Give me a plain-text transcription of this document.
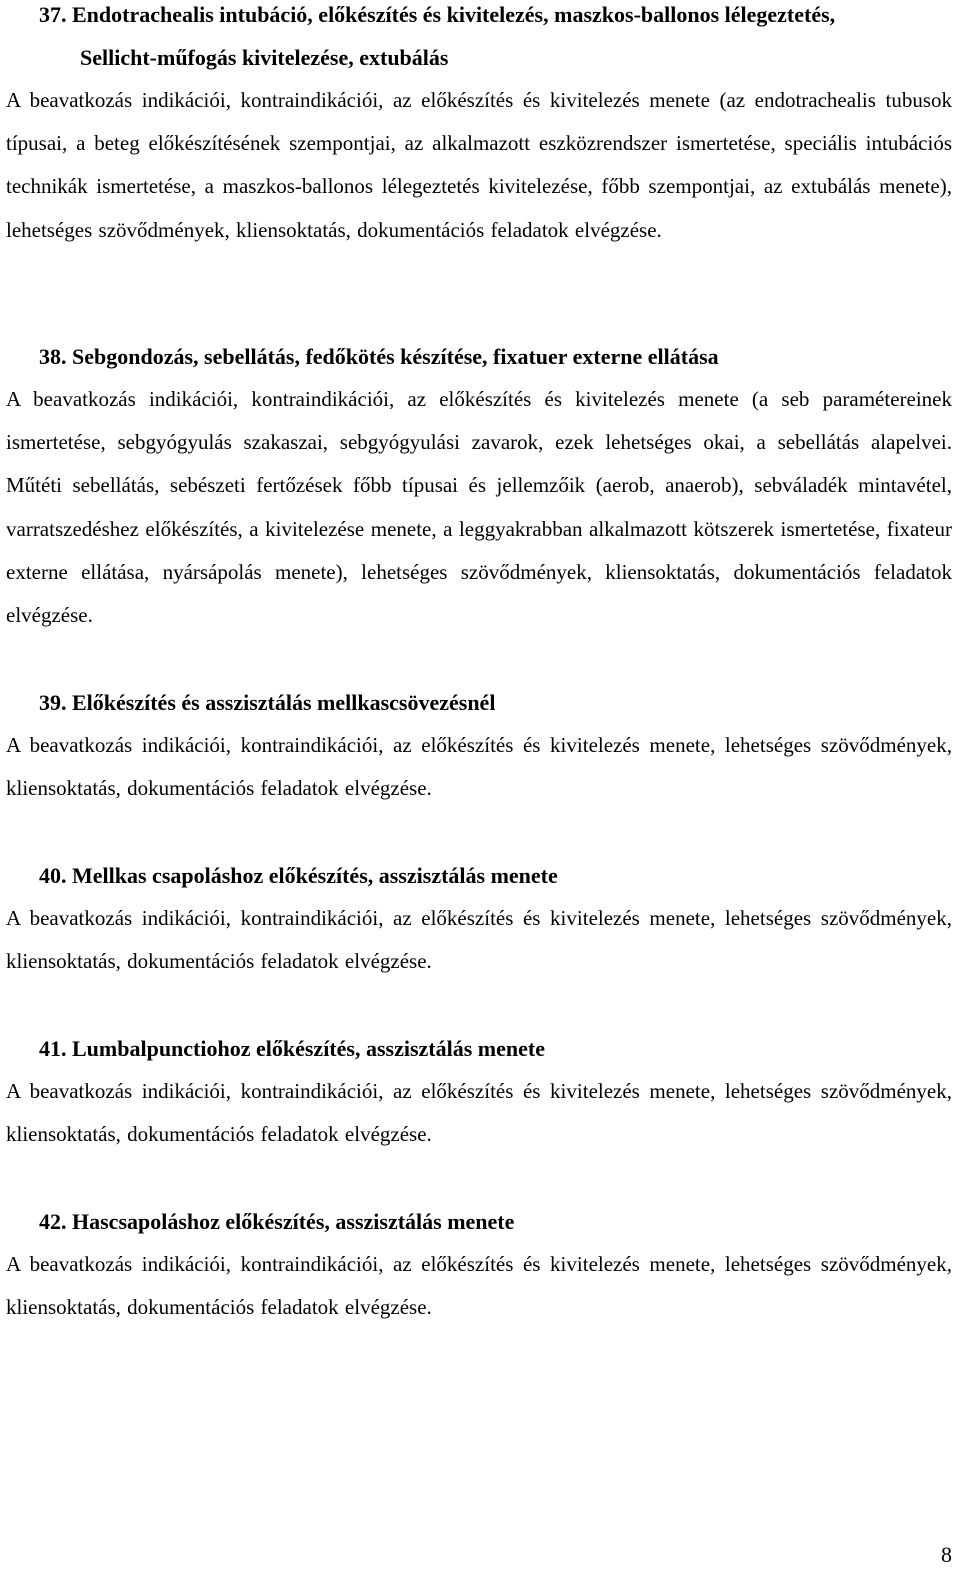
37. Endotrachealis intubáció, előkészítés és kivitelezés, maszkos-ballonos lélegeztetés,
Sellicht-műfogás kivitelezése, extubálás

A beavatkozás indikációi, kontraindikációi, az előkészítés és kivitelezés menete (az endotrachealis tubusok típusai, a beteg előkészítésének szempontjai, az alkalmazott eszközrendszer ismertetése, speciális intubációs technikák ismertetése, a maszkos-ballonos lélegeztetés kivitelezése, főbb szempontjai, az extubálás menete), lehetséges szövődmények, kliensoktatás, dokumentációs feladatok elvégzése.

38. Sebgondozás, sebellátás, fedőkötés készítése, fixatuer externe ellátása

A beavatkozás indikációi, kontraindikációi, az előkészítés és kivitelezés menete (a seb paramétereinek ismertetése, sebgyógyulás szakaszai, sebgyógyulási zavarok, ezek lehetséges okai, a sebellátás alapelvei. Műtéti sebellátás, sebészeti fertőzések főbb típusai és jellemzőik (aerob, anaerob), sebváladék mintavétel, varratszedéshez előkészítés, a kivitelezése menete, a leggyakrabban alkalmazott kötszerek ismertetése, fixateur externe ellátása, nyársápolás menete), lehetséges szövődmények, kliensoktatás, dokumentációs feladatok elvégzése.

39. Előkészítés és asszisztálás mellkascsövezésnél

A beavatkozás indikációi, kontraindikációi, az előkészítés és kivitelezés menete, lehetséges szövődmények, kliensoktatás, dokumentációs feladatok elvégzése.

40. Mellkas csapoláshoz előkészítés, asszisztálás menete

A beavatkozás indikációi, kontraindikációi, az előkészítés és kivitelezés menete, lehetséges szövődmények, kliensoktatás, dokumentációs feladatok elvégzése.

41. Lumbalpunctiohoz előkészítés, asszisztálás menete

A beavatkozás indikációi, kontraindikációi, az előkészítés és kivitelezés menete, lehetséges szövődmények, kliensoktatás, dokumentációs feladatok elvégzése.

42. Hascsapoláshoz előkészítés, asszisztálás menete

A beavatkozás indikációi, kontraindikációi, az előkészítés és kivitelezés menete, lehetséges szövődmények, kliensoktatás, dokumentációs feladatok elvégzése.

8
